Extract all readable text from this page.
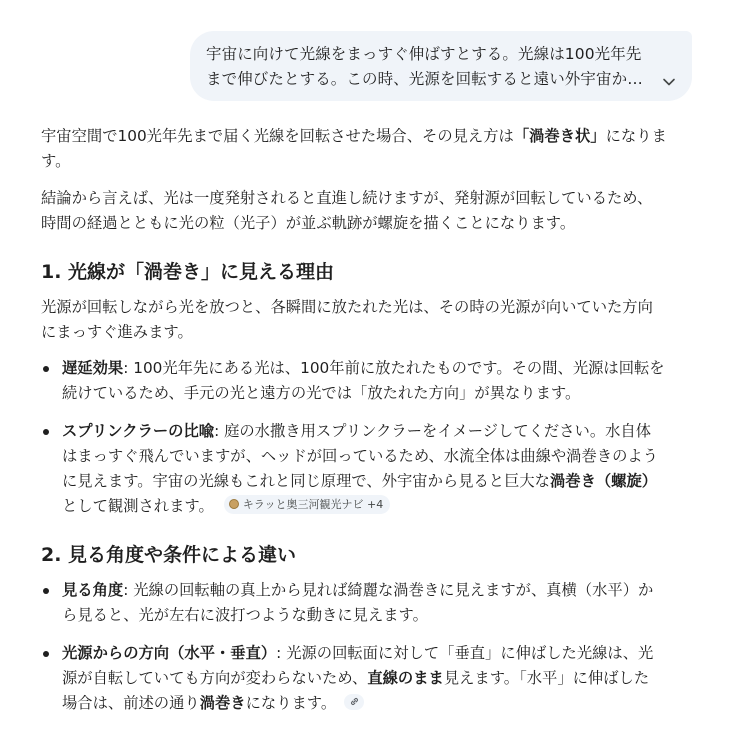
宇宙に向けて光線をまっすぐ伸ばすとする。光線は100光年先
まで伸びたとする。この時、光源を回転すると遠い外宇宙か…

宇宙空間で100光年先まで届く光線を回転させた場合、その見え方は「渦巻き状」になりま
す。

結論から言えば、光は一度発射されると直進し続けますが、発射源が回転しているため、
時間の経過とともに光の粒（光子）が並ぶ軌跡が螺旋を描くことになります。

1. 光線が「渦巻き」に見える理由

光源が回転しながら光を放つと、各瞬間に放たれた光は、その時の光源が向いていた方向
にまっすぐ進みます。

遅延効果: 100光年先にある光は、100年前に放たれたものです。その間、光源は回転を
続けているため、手元の光と遠方の光では「放たれた方向」が異なります。
スプリンクラーの比喩: 庭の水撒き用スプリンクラーをイメージしてください。水自体
はまっすぐ飛んでいますが、ヘッドが回っているため、水流全体は曲線や渦巻きのよう
に見えます。宇宙の光線もこれと同じ原理で、外宇宙から見ると巨大な渦巻き（螺旋）
として観測されます。	キラッと奥三河観光ナビ +4
2. 見る角度や条件による違い
見る角度: 光線の回転軸の真上から見れば綺麗な渦巻きに見えますが、真横（水平）か
ら見ると、光が左右に波打つような動きに見えます。
光源からの方向（水平・垂直）: 光源の回転面に対して「垂直」に伸ばした光線は、光
源が自転していても方向が変わらないため、直線のまま見えます。「水平」に伸ばした
場合は、前述の通り渦巻きになります。
